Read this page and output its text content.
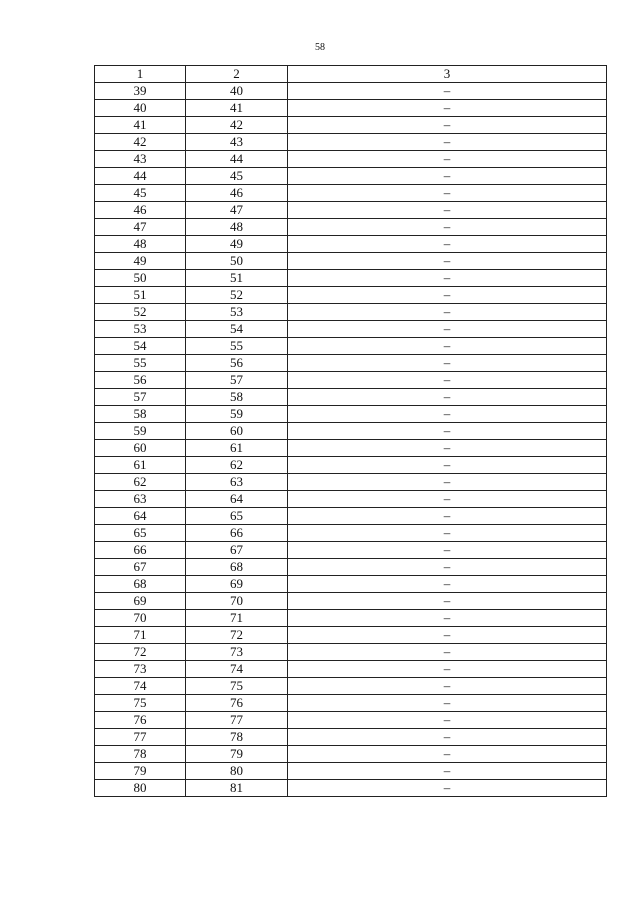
58
1	2	3
39	40	–
40	41	–
41	42	–
42	43	–
43	44	–
44	45	–
45	46	–
46	47	–
47	48	–
48	49	–
49	50	–
50	51	–
51	52	–
52	53	–
53	54	–
54	55	–
55	56	–
56	57	–
57	58	–
58	59	–
59	60	–
60	61	–
61	62	–
62	63	–
63	64	–
64	65	–
65	66	–
66	67	–
67	68	–
68	69	–
69	70	–
70	71	–
71	72	–
72	73	–
73	74	–
74	75	–
75	76	–
76	77	–
77	78	–
78	79	–
79	80	–
80	81	–
